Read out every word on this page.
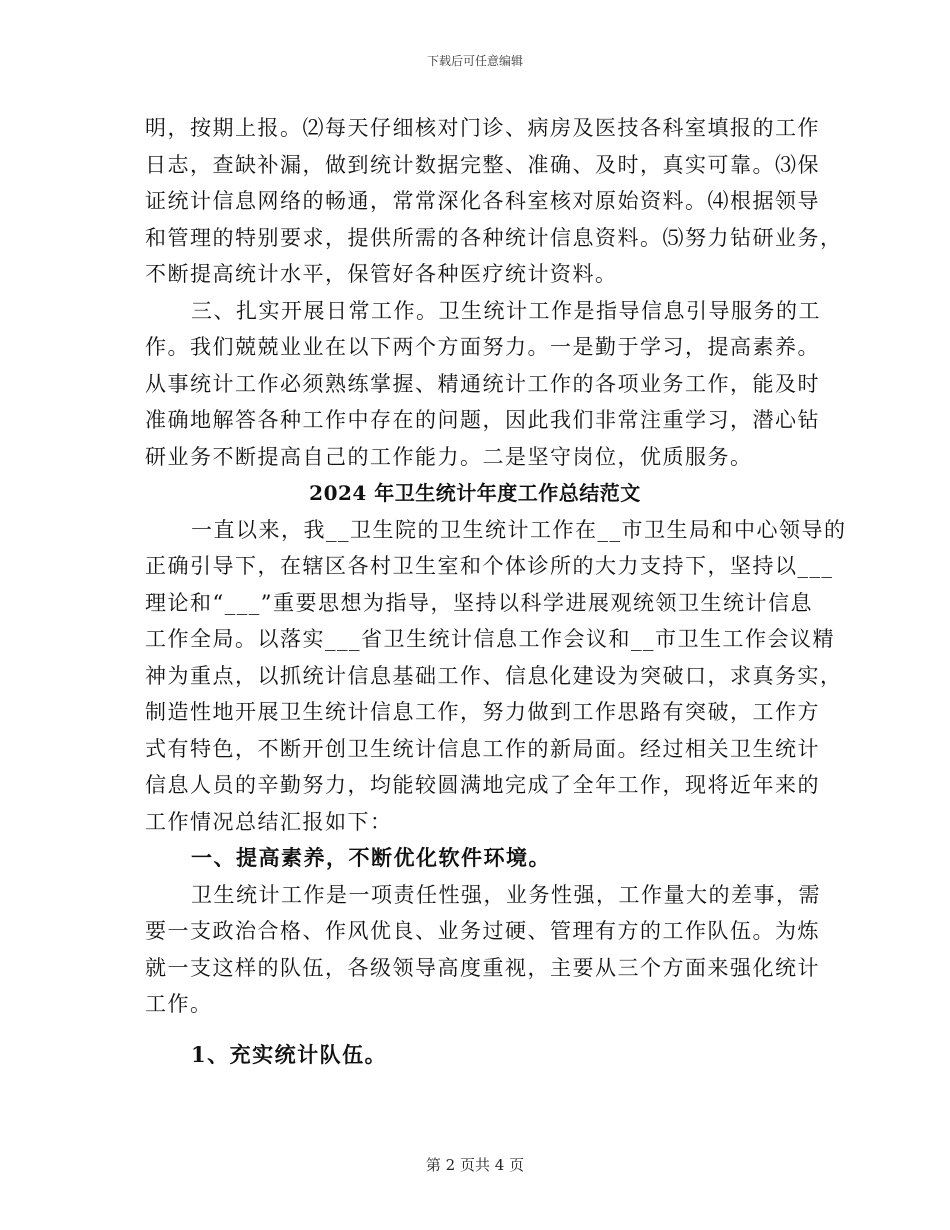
下载后可任意编辑
明，按期上报。⑵每天仔细核对门诊、病房及医技各科室填报的工作
日志，查缺补漏，做到统计数据完整、准确、及时，真实可靠。⑶保
证统计信息网络的畅通，常常深化各科室核对原始资料。⑷根据领导
和管理的特别要求，提供所需的各种统计信息资料。⑸努力钻研业务，
不断提高统计水平，保管好各种医疗统计资料。
三、扎实开展日常工作。卫生统计工作是指导信息引导服务的工
作。我们兢兢业业在以下两个方面努力。一是勤于学习，提高素养。
从事统计工作必须熟练掌握、精通统计工作的各项业务工作，能及时
准确地解答各种工作中存在的问题，因此我们非常注重学习，潜心钻
研业务不断提高自己的工作能力。二是坚守岗位，优质服务。
2024 年卫生统计年度工作总结范文
一直以来，我__卫生院的卫生统计工作在__市卫生局和中心领导的
正确引导下，在辖区各村卫生室和个体诊所的大力支持下，坚持以___
理论和“___”重要思想为指导，坚持以科学进展观统领卫生统计信息
工作全局。以落实___省卫生统计信息工作会议和__市卫生工作会议精
神为重点，以抓统计信息基础工作、信息化建设为突破口，求真务实，
制造性地开展卫生统计信息工作，努力做到工作思路有突破，工作方
式有特色，不断开创卫生统计信息工作的新局面。经过相关卫生统计
信息人员的辛勤努力，均能较圆满地完成了全年工作，现将近年来的
工作情况总结汇报如下：
一、提高素养，不断优化软件环境。
卫生统计工作是一项责任性强，业务性强，工作量大的差事，需
要一支政治合格、作风优良、业务过硬、管理有方的工作队伍。为炼
就一支这样的队伍，各级领导高度重视，主要从三个方面来强化统计
工作。
1、充实统计队伍。
第 2 页共 4 页
